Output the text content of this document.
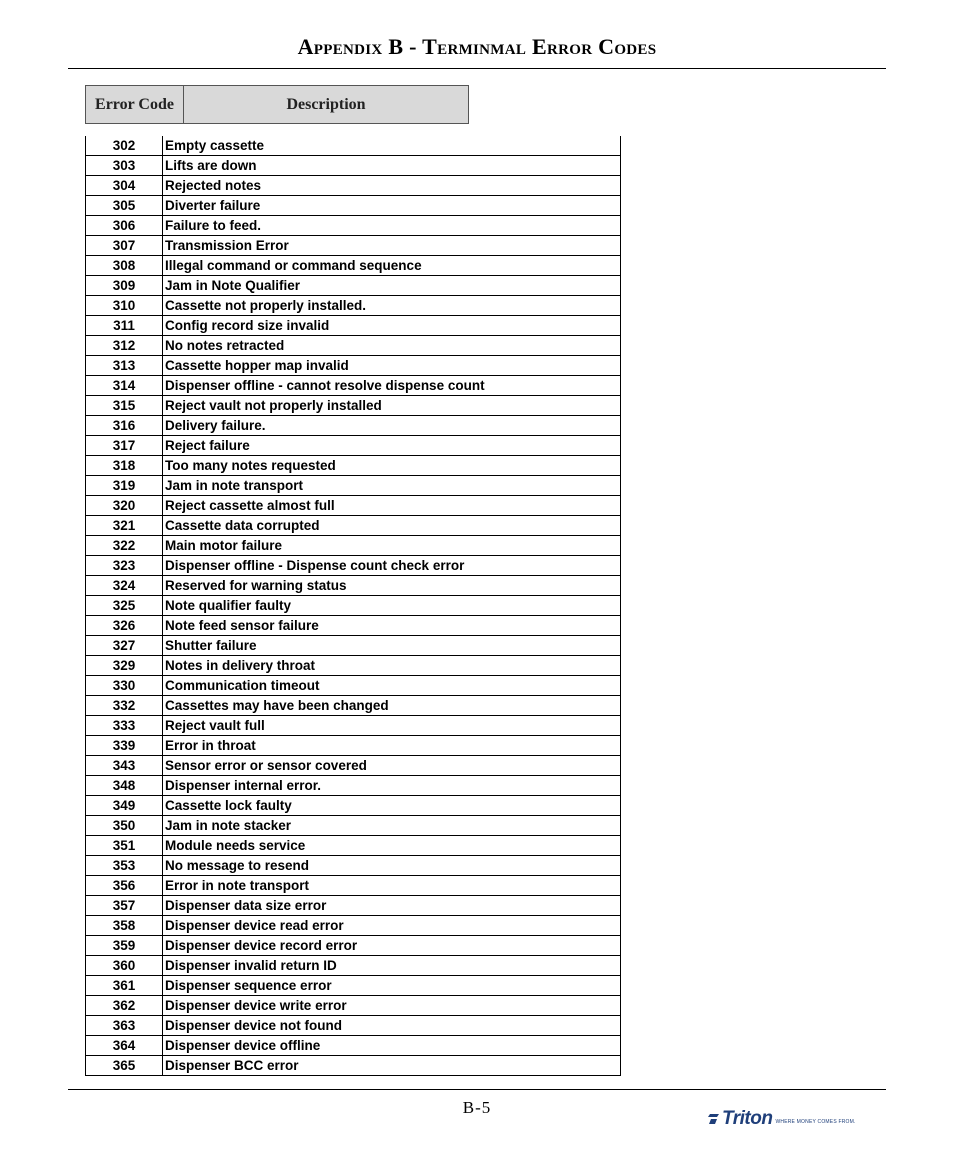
Appendix B - Terminmal Error Codes
Error Code	Description
302	Empty cassette
303	Lifts are down
304	Rejected notes
305	Diverter failure
306	Failure to feed.
307	Transmission Error
308	Illegal command or command sequence
309	Jam in Note Qualifier
310	Cassette not properly installed.
311	Config record size invalid
312	No notes retracted
313	Cassette hopper map invalid
314	Dispenser offline - cannot resolve dispense count
315	Reject vault not properly installed
316	Delivery failure.
317	Reject failure
318	Too many notes requested
319	Jam in note transport
320	Reject cassette almost full
321	Cassette data corrupted
322	Main motor failure
323	Dispenser offline - Dispense count check error
324	Reserved for warning status
325	Note qualifier faulty
326	Note feed sensor failure
327	Shutter failure
329	Notes in delivery throat
330	Communication timeout
332	Cassettes may have been changed
333	Reject vault full
339	Error in throat
343	Sensor error or sensor covered
348	Dispenser internal error.
349	Cassette lock faulty
350	Jam in note stacker
351	Module needs service
353	No message to resend
356	Error in note transport
357	Dispenser data size error
358	Dispenser device read error
359	Dispenser device record error
360	Dispenser invalid return ID
361	Dispenser sequence error
362	Dispenser device write error
363	Dispenser device not found
364	Dispenser device offline
365	Dispenser BCC error
B-5
Triton WHERE MONEY COMES FROM.
